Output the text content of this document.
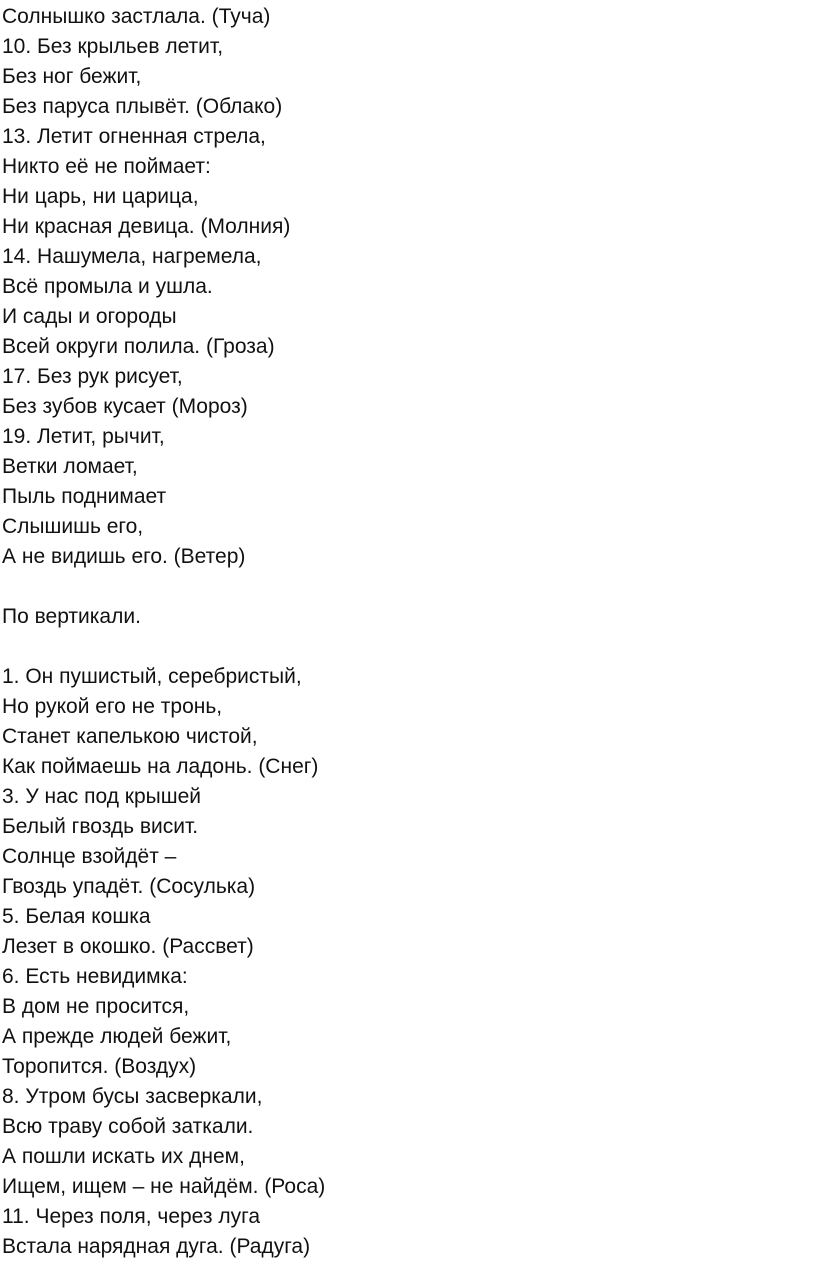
Солнышко застлала. (Туча)
10. Без крыльев летит,
Без ног бежит,
Без паруса плывёт. (Облако)
13. Летит огненная стрела,
Никто её не поймает:
Ни царь, ни царица,
Ни красная девица. (Молния)
14. Нашумела, нагремела,
Всё промыла и ушла.
И сады и огороды
Всей округи полила. (Гроза)
17. Без рук рисует,
Без зубов кусает (Мороз)
19. Летит, рычит,
Ветки ломает,
Пыль поднимает
Слышишь его,
А не видишь его. (Ветер)
По вертикали.
1. Он пушистый, серебристый,
Но рукой его не тронь,
Станет капелькою чистой,
Как поймаешь на ладонь. (Снег)
3. У нас под крышей
Белый гвоздь висит.
Солнце взойдёт –
Гвоздь упадёт. (Сосулька)
5. Белая кошка
Лезет в окошко. (Рассвет)
6. Есть невидимка:
В дом не просится,
А прежде людей бежит,
Торопится. (Воздух)
8. Утром бусы засверкали,
Всю траву собой заткали.
А пошли искать их днем,
Ищем, ищем – не найдём. (Роса)
11. Через поля, через луга
Встала нарядная дуга. (Радуга)
